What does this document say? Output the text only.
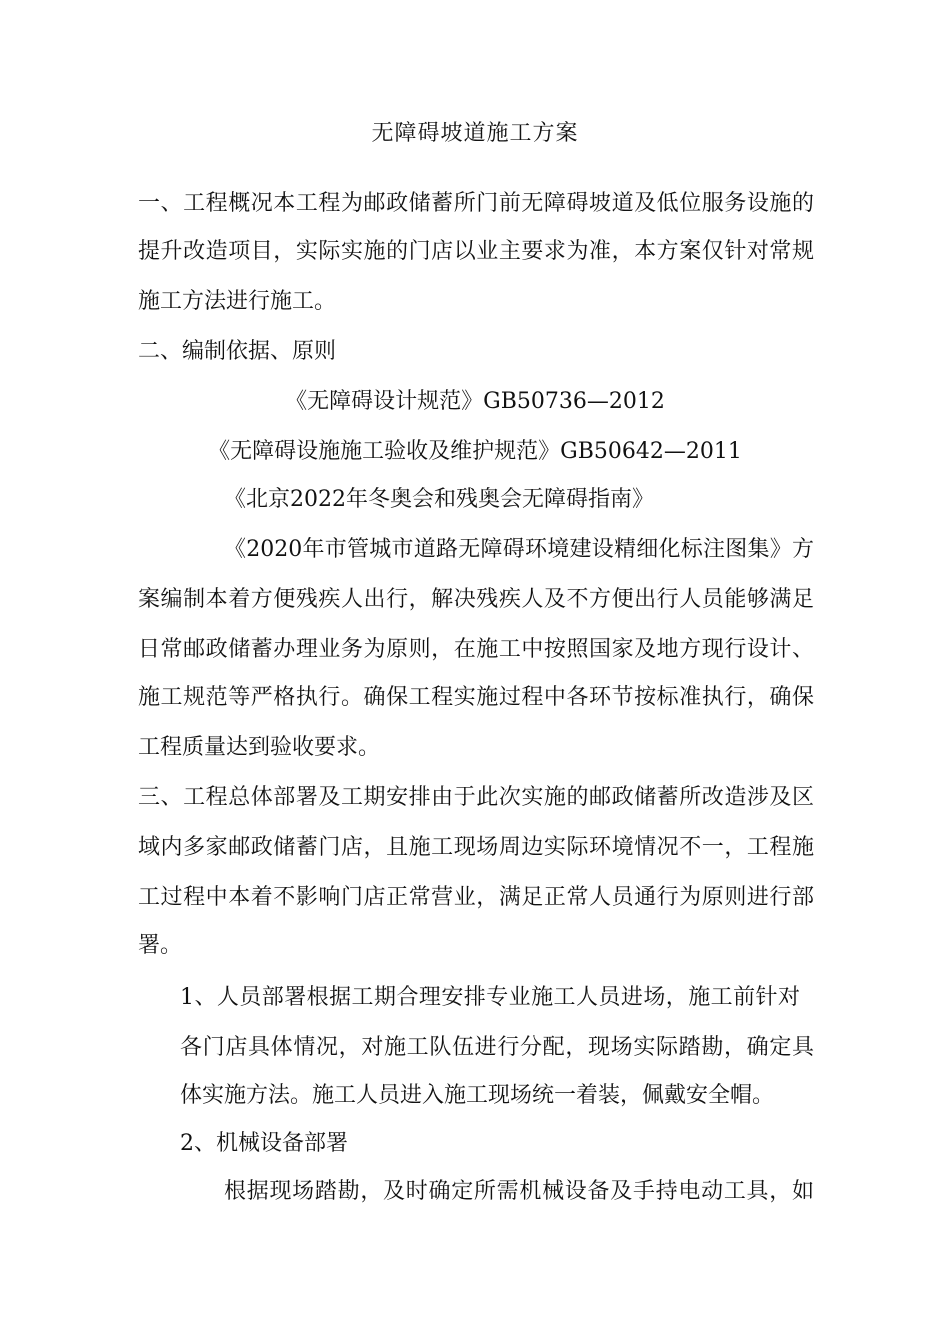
无障碍坡道施工方案
一、工程概况本工程为邮政储蓄所门前无障碍坡道及低位服务设施的
提升改造项目，实际实施的门店以业主要求为准，本方案仅针对常规
施工方法进行施工。
二、编制依据、原则
《无障碍设计规范》GB50736—2012
《无障碍设施施工验收及维护规范》GB50642—2011
《北京2022年冬奥会和残奥会无障碍指南》
《2020年市管城市道路无障碍环境建设精细化标注图集》方
案编制本着方便残疾人出行，解决残疾人及不方便出行人员能够满足
日常邮政储蓄办理业务为原则，在施工中按照国家及地方现行设计、
施工规范等严格执行。确保工程实施过程中各环节按标准执行，确保
工程质量达到验收要求。
三、工程总体部署及工期安排由于此次实施的邮政储蓄所改造涉及区
域内多家邮政储蓄门店，且施工现场周边实际环境情况不一，工程施
工过程中本着不影响门店正常营业，满足正常人员通行为原则进行部
署。
1、人员部署根据工期合理安排专业施工人员进场，施工前针对
各门店具体情况，对施工队伍进行分配，现场实际踏勘，确定具
体实施方法。施工人员进入施工现场统一着装，佩戴安全帽。
2、机械设备部署
根据现场踏勘，及时确定所需机械设备及手持电动工具，如
